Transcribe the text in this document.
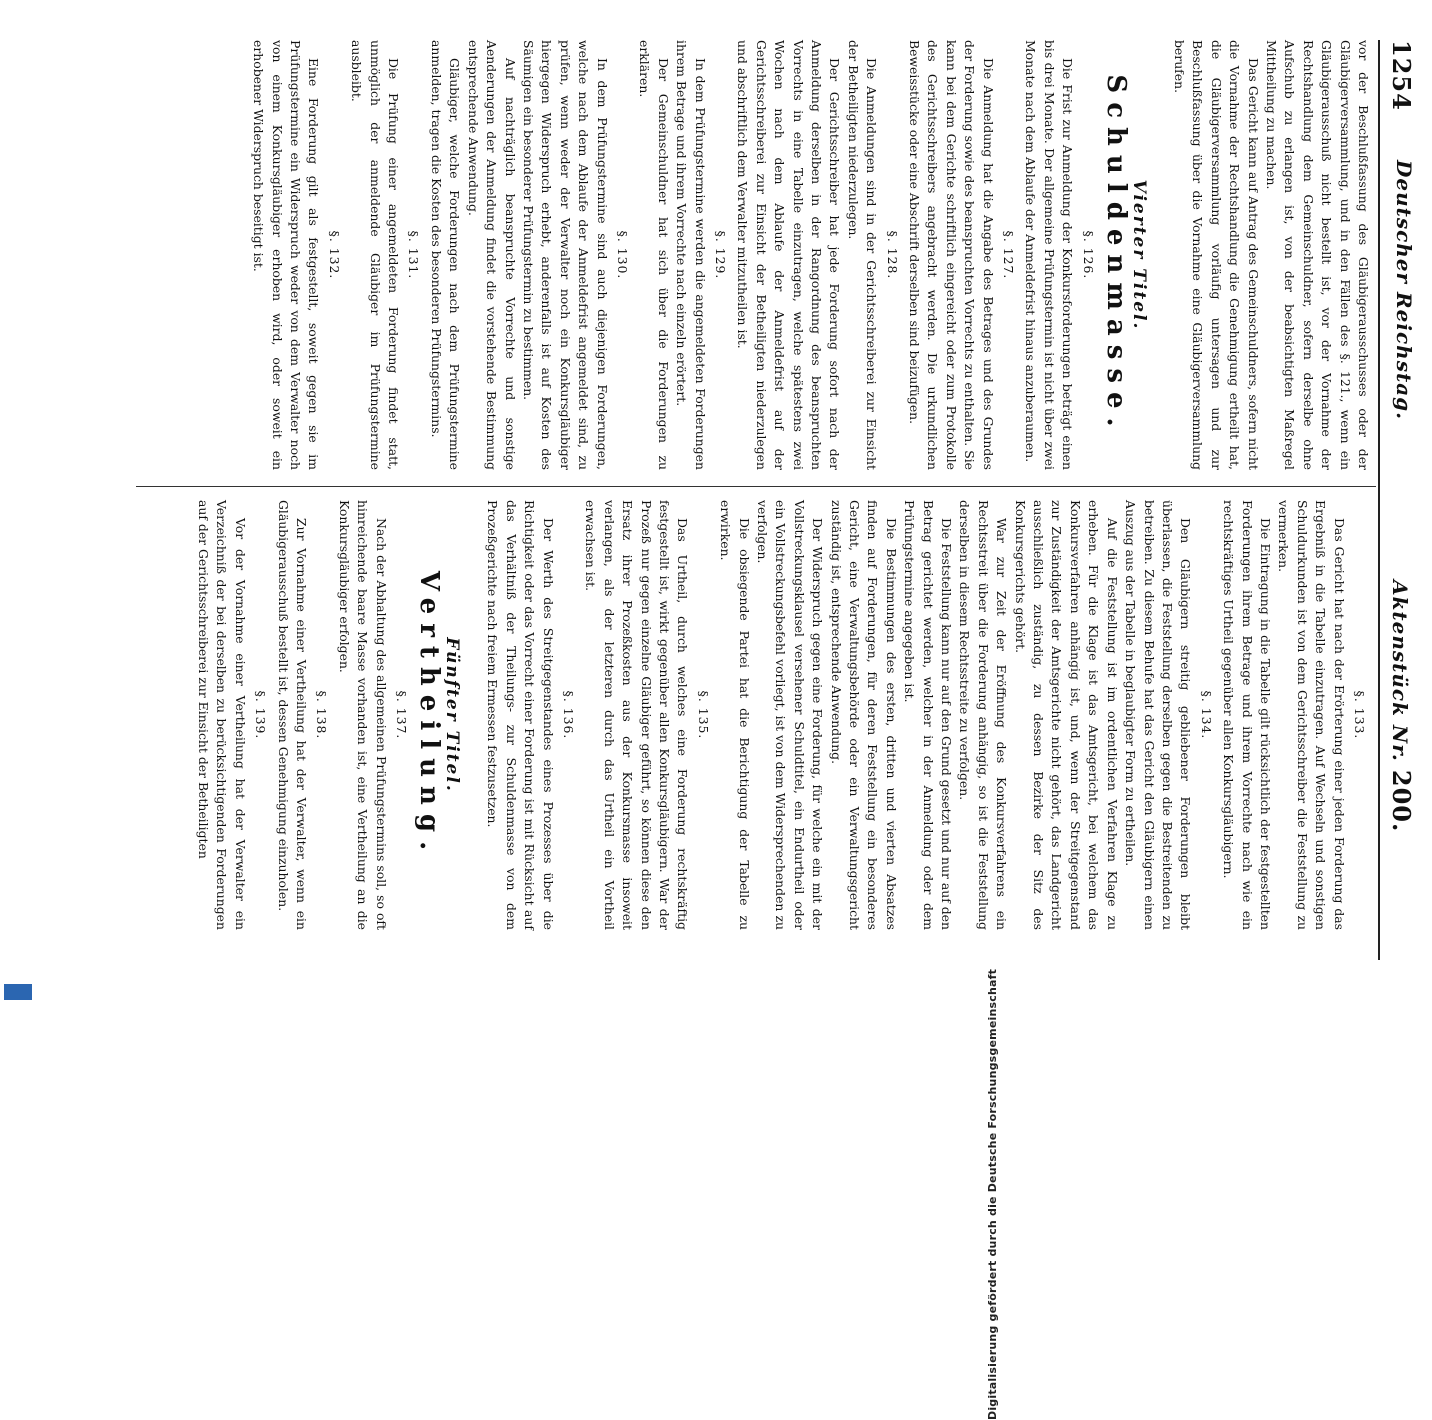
1254
Deutscher Reichstag.
Aktenstück Nr.200.

vor der Beschlußfassung des Gläubigerausschusses oder der Gläubigerversammlung, und in den Fällen des §. 121., wenn ein Gläubigerausschuß nicht bestellt ist, vor der Vornahme der Rechtshandlung dem Gemeinschuldner, sofern derselbe ohne Aufschub zu erlangen ist, von der beabsichtigten Maßregel Mittheilung zu machen.

Das Gericht kann auf Antrag des Gemeinschuldners, sofern nicht die Vornahme der Rechtshandlung die Genehmigung ertheilt hat, die Gläubigerversammlung vorläufig untersagen und zur Beschlußfassung über die Vornahme eine Gläubigerversammlung berufen.

Vierter Titel.
Schuldenmasse.
§. 126.

Die Frist zur Anmeldung der Konkursforderungen beträgt einen bis drei Monate. Der allgemeine Prüfungstermin ist nicht über zwei Monate nach dem Ablaufe der Anmeldefrist hinaus anzuberaumen.

§. 127.

Die Anmeldung hat die Angabe des Betrages und des Grundes der Forderung sowie des beanspruchten Vorrechts zu enthalten. Sie kann bei dem Gerichte schriftlich eingereicht oder zum Protokolle des Gerichtsschreibers angebracht werden. Die urkundlichen Beweisstücke oder eine Abschrift derselben sind beizufügen.

§. 128.

Die Anmeldungen sind in der Gerichtsschreiberei zur Einsicht der Betheiligten niederzulegen.

Der Gerichtsschreiber hat jede Forderung sofort nach der Anmeldung derselben in der Rangordnung des beanspruchten Vorrechts in eine Tabelle einzutragen, welche spätestens zwei Wochen nach dem Ablaufe der Anmeldefrist auf der Gerichtsschreiberei zur Einsicht der Betheiligten niederzulegen und abschriftlich dem Verwalter mitzutheilen ist.

§. 129.

In dem Prüfungstermine werden die angemeldeten Forderungen ihrem Betrage und ihrem Vorrechte nach einzeln erörtert.

Der Gemeinschuldner hat sich über die Forderungen zu erklären.

§. 130.

In dem Prüfungstermine sind auch diejenigen Forderungen, welche nach dem Ablaufe der Anmeldefrist angemeldet sind, zu prüfen, wenn weder der Verwalter noch ein Konkursgläubiger hiergegen Widerspruch erhebt, anderenfalls ist auf Kosten des Säumigen ein besonderer Prüfungstermin zu bestimmen.

Auf nachträglich beanspruchte Vorrechte und sonstige Aenderungen der Anmeldung findet die vorstehende Bestimmung entsprechende Anwendung.

Gläubiger, welche Forderungen nach dem Prüfungstermine anmelden, tragen die Kosten des besonderen Prüfungstermins.

§. 131.

Die Prüfung einer angemeldeten Forderung findet statt, unmöglich der anmeldende Gläubiger im Prüfungstermine ausbleibt.

§. 132.

Eine Forderung gilt als festgestellt, soweit gegen sie im Prüfungstermine ein Widerspruch weder von dem Verwalter noch von einem Konkursgläubiger erhoben wird, oder soweit ein erhobener Widerspruch beseitigt ist.

§. 133.

Das Gericht hat nach der Erörterung einer jeden Forderung das Ergebniß in die Tabelle einzutragen. Auf Wechseln und sonstigen Schuldurkunden ist von dem Gerichtsschreiber die Feststellung zu vermerken.

Die Eintragung in die Tabelle gilt rücksichtlich der festgestellten Forderungen ihrem Betrage und ihrem Vorrechte nach wie ein rechtskräftiges Urtheil gegenüber allen Konkursgläubigern.

§. 134.

Den Gläubigern streitig gebliebener Forderungen bleibt überlassen, die Feststellung derselben gegen die Bestreitenden zu betreiben. Zu diesem Behufe hat das Gericht den Gläubigern einen Auszug aus der Tabelle in beglaubigter Form zu ertheilen.

Auf die Feststellung ist im ordentlichen Verfahren Klage zu erheben. Für die Klage ist das Amtsgericht, bei welchem das Konkursverfahren anhängig ist, und, wenn der Streitgegenstand zur Zuständigkeit der Amtsgerichte nicht gehört, das Landgericht ausschließlich zuständig, zu dessen Bezirke der Sitz des Konkursgerichts gehört.

War zur Zeit der Eröffnung des Konkursverfahrens ein Rechtsstreit über die Forderung anhängig, so ist die Feststellung derselben in diesem Rechtsstreite zu verfolgen.

Die Feststellung kann nur auf den Grund gesetzt und nur auf den Betrag gerichtet werden, welcher in der Anmeldung oder dem Prüfungstermine angegeben ist.

Die Bestimmungen des ersten, dritten und vierten Absatzes finden auf Forderungen, für deren Feststellung ein besonderes Gericht, eine Verwaltungsbehörde oder ein Verwaltungsgericht zuständig ist, entsprechende Anwendung.

Der Widerspruch gegen eine Forderung, für welche ein mit der Vollstreckungsklausel versehener Schuldtitel, ein Endurtheil oder ein Vollstreckungsbefehl vorliegt, ist von dem Widersprechenden zu verfolgen.

Die obsiegende Partei hat die Berichtigung der Tabelle zu erwirken.

§. 135.

Das Urtheil, durch welches eine Forderung rechtskräftig festgestellt ist, wirkt gegenüber allen Konkursgläubigern. War der Prozeß nur gegen einzelne Gläubiger geführt, so können diese den Ersatz ihrer Prozeßkosten aus der Konkursmasse insoweit verlangen, als der letzteren durch das Urtheil ein Vortheil erwachsen ist.

§. 136.

Der Werth des Streitgegenstandes eines Prozesses über die Richtigkeit oder das Vorrecht einer Forderung ist mit Rücksicht auf das Verhältniß der Theilungs- zur Schuldenmasse von dem Prozeßgerichte nach freiem Ermessen festzusetzen.

Fünfter Titel.
Vertheilung.
§. 137.

Nach der Abhaltung des allgemeinen Prüfungstermins soll, so oft hinreichende baare Masse vorhanden ist, eine Vertheilung an die Konkursgläubiger erfolgen.

§. 138.

Zur Vornahme einer Vertheilung hat der Verwalter, wenn ein Gläubigerausschuß bestellt ist, dessen Genehmigung einzuholen.

§. 139.

Vor der Vornahme einer Vertheilung hat der Verwalter ein Verzeichniß der bei derselben zu berücksichtigenden Forderungen auf der Gerichtsschreiberei zur Einsicht der Betheiligten

Digitalisierung gefördert durch die Deutsche Forschungsgemeinschaft
